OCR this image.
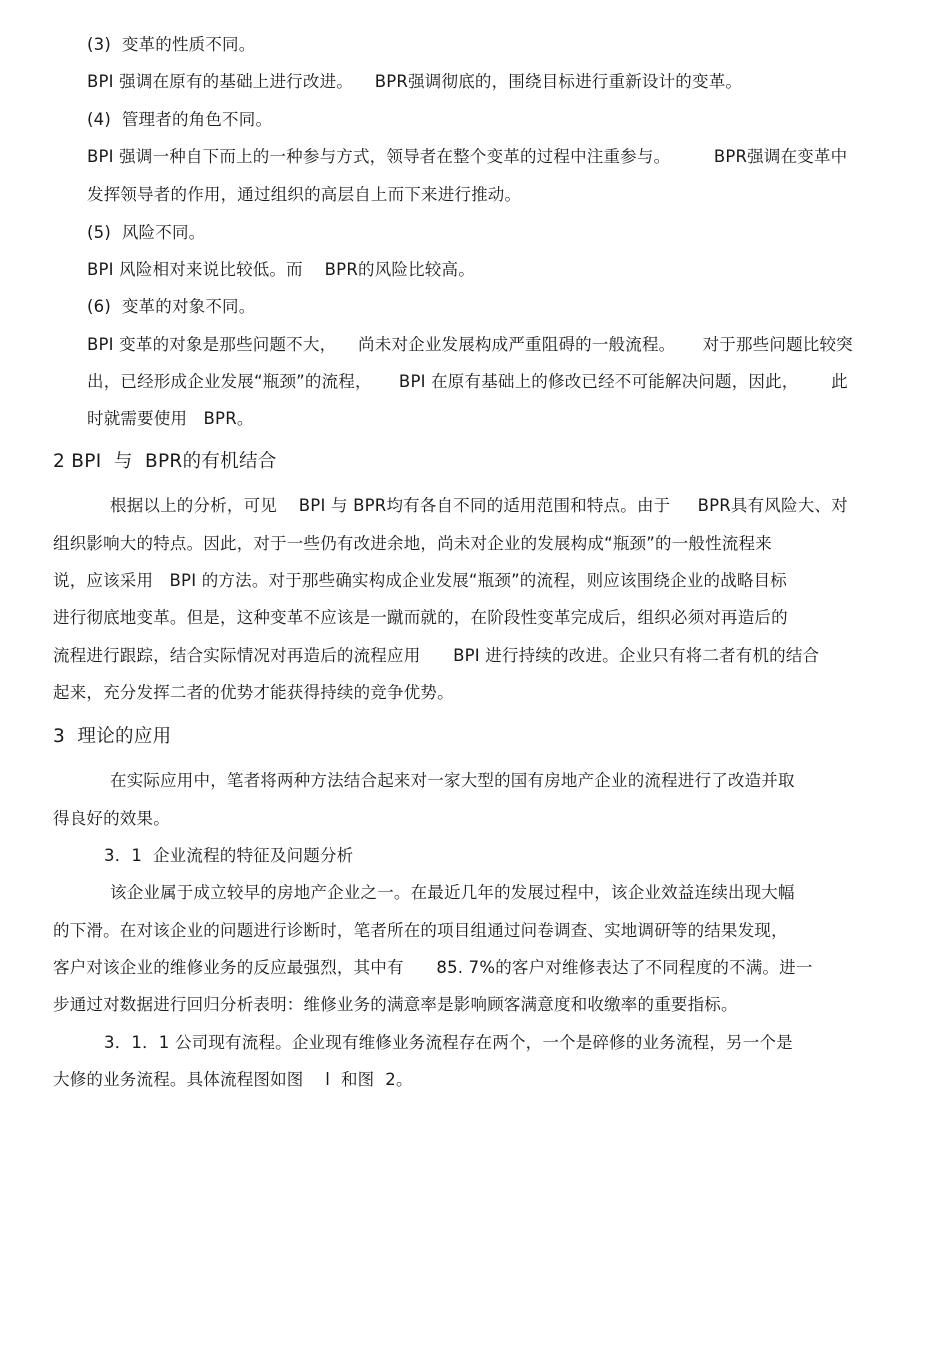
(3)  变革的性质不同。

BPI 强调在原有的基础上进行改进。    BPR强调彻底的，围绕目标进行重新设计的变革。

(4)  管理者的角色不同。

BPI 强调一种自下而上的一种参与方式，领导者在整个变革的过程中注重参与。        BPR强调在变革中

发挥领导者的作用，通过组织的高层自上而下来进行推动。

(5)  风险不同。

BPI 风险相对来说比较低。而    BPR的风险比较高。

(6)  变革的对象不同。

BPI 变革的对象是那些问题不大，    尚未对企业发展构成严重阻碍的一般流程。     对于那些问题比较突

出，已经形成企业发展“瓶颈”的流程，     BPI 在原有基础上的修改已经不可能解决问题，因此，      此

时就需要使用   BPR。

2 BPI  与  BPR的有机结合

根据以上的分析，可见    BPI 与 BPR均有各自不同的适用范围和特点。由于     BPR具有风险大、对

组织影响大的特点。因此，对于一些仍有改进余地，尚未对企业的发展构成“瓶颈”的一般性流程来

说，应该采用   BPI 的方法。对于那些确实构成企业发展“瓶颈”的流程，则应该围绕企业的战略目标

进行彻底地变革。但是，这种变革不应该是一蹴而就的，在阶段性变革完成后，组织必须对再造后的

流程进行跟踪，结合实际情况对再造后的流程应用      BPI 进行持续的改进。企业只有将二者有机的结合

起来，充分发挥二者的优势才能获得持续的竞争优势。

3  理论的应用

在实际应用中，笔者将两种方法结合起来对一家大型的国有房地产企业的流程进行了改造并取

得良好的效果。

3．1  企业流程的特征及问题分析

该企业属于成立较早的房地产企业之一。在最近几年的发展过程中，该企业效益连续出现大幅

的下滑。在对该企业的问题进行诊断时，笔者所在的项目组通过问卷调查、实地调研等的结果发现，

客户对该企业的维修业务的反应最强烈，其中有      85. 7%的客户对维修表达了不同程度的不满。进一

步通过对数据进行回归分析表明：维修业务的满意率是影响顾客满意度和收缴率的重要指标。

3．1．1 公司现有流程。企业现有维修业务流程存在两个，一个是碎修的业务流程，另一个是

大修的业务流程。具体流程图如图    l  和图  2。
